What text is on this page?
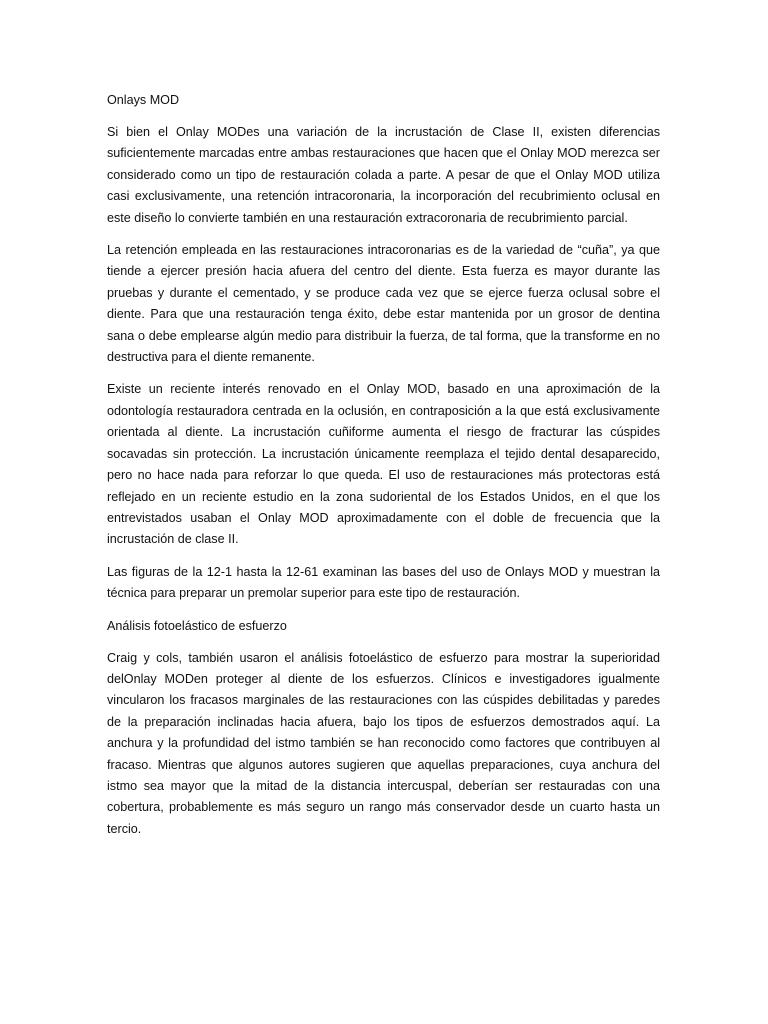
Onlays MOD

Si bien el Onlay MODes una variación de la incrustación de Clase II, existen diferencias suficientemente marcadas entre ambas restauraciones que hacen que el Onlay MOD merezca ser considerado como un tipo de restauración colada a parte. A pesar de que el Onlay MOD utiliza casi exclusivamente, una retención intracoronaria, la incorporación del recubrimiento oclusal en este diseño lo convierte también en una restauración extracoronaria de recubrimiento parcial.

La retención empleada en las restauraciones intracoronarias es de la variedad de “cuña”, ya que tiende a ejercer presión hacia afuera del centro del diente. Esta fuerza es mayor durante las pruebas y durante el cementado, y se produce cada vez que se ejerce fuerza oclusal sobre el diente. Para que una restauración tenga éxito, debe estar mantenida por un grosor de dentina sana o debe emplearse algún medio para distribuir la fuerza, de tal forma, que la transforme en no destructiva para el diente remanente.

Existe un reciente interés renovado en el Onlay MOD, basado en una aproximación de la odontología restauradora centrada en la oclusión, en contraposición a la que está exclusivamente orientada al diente. La incrustación cuñiforme aumenta el riesgo de fracturar las cúspides socavadas sin protección. La incrustación únicamente reemplaza el tejido dental desaparecido, pero no hace nada para reforzar lo que queda. El uso de restauraciones más protectoras está reflejado en un reciente estudio en la zona sudoriental de los Estados Unidos, en el que los entrevistados usaban el Onlay MOD aproximadamente con el doble de frecuencia que la incrustación de clase II.

Las figuras de la 12-1 hasta la 12-61 examinan las bases del uso de Onlays MOD y muestran la técnica para preparar un premolar superior para este tipo de restauración.

Análisis fotoelástico de esfuerzo

Craig y cols, también usaron el análisis fotoelástico de esfuerzo para mostrar la superioridad delOnlay MODen proteger al diente de los esfuerzos. Clínicos e investigadores igualmente vincularon los fracasos marginales de las restauraciones con las cúspides debilitadas y paredes de la preparación inclinadas hacia afuera, bajo los tipos de esfuerzos demostrados aquí. La anchura y la profundidad del istmo también se han reconocido como factores que contribuyen al fracaso. Mientras que algunos autores sugieren que aquellas preparaciones, cuya anchura del istmo sea mayor que la mitad de la distancia intercuspal, deberían ser restauradas con una cobertura, probablemente es más seguro un rango más conservador desde un cuarto hasta un tercio.
